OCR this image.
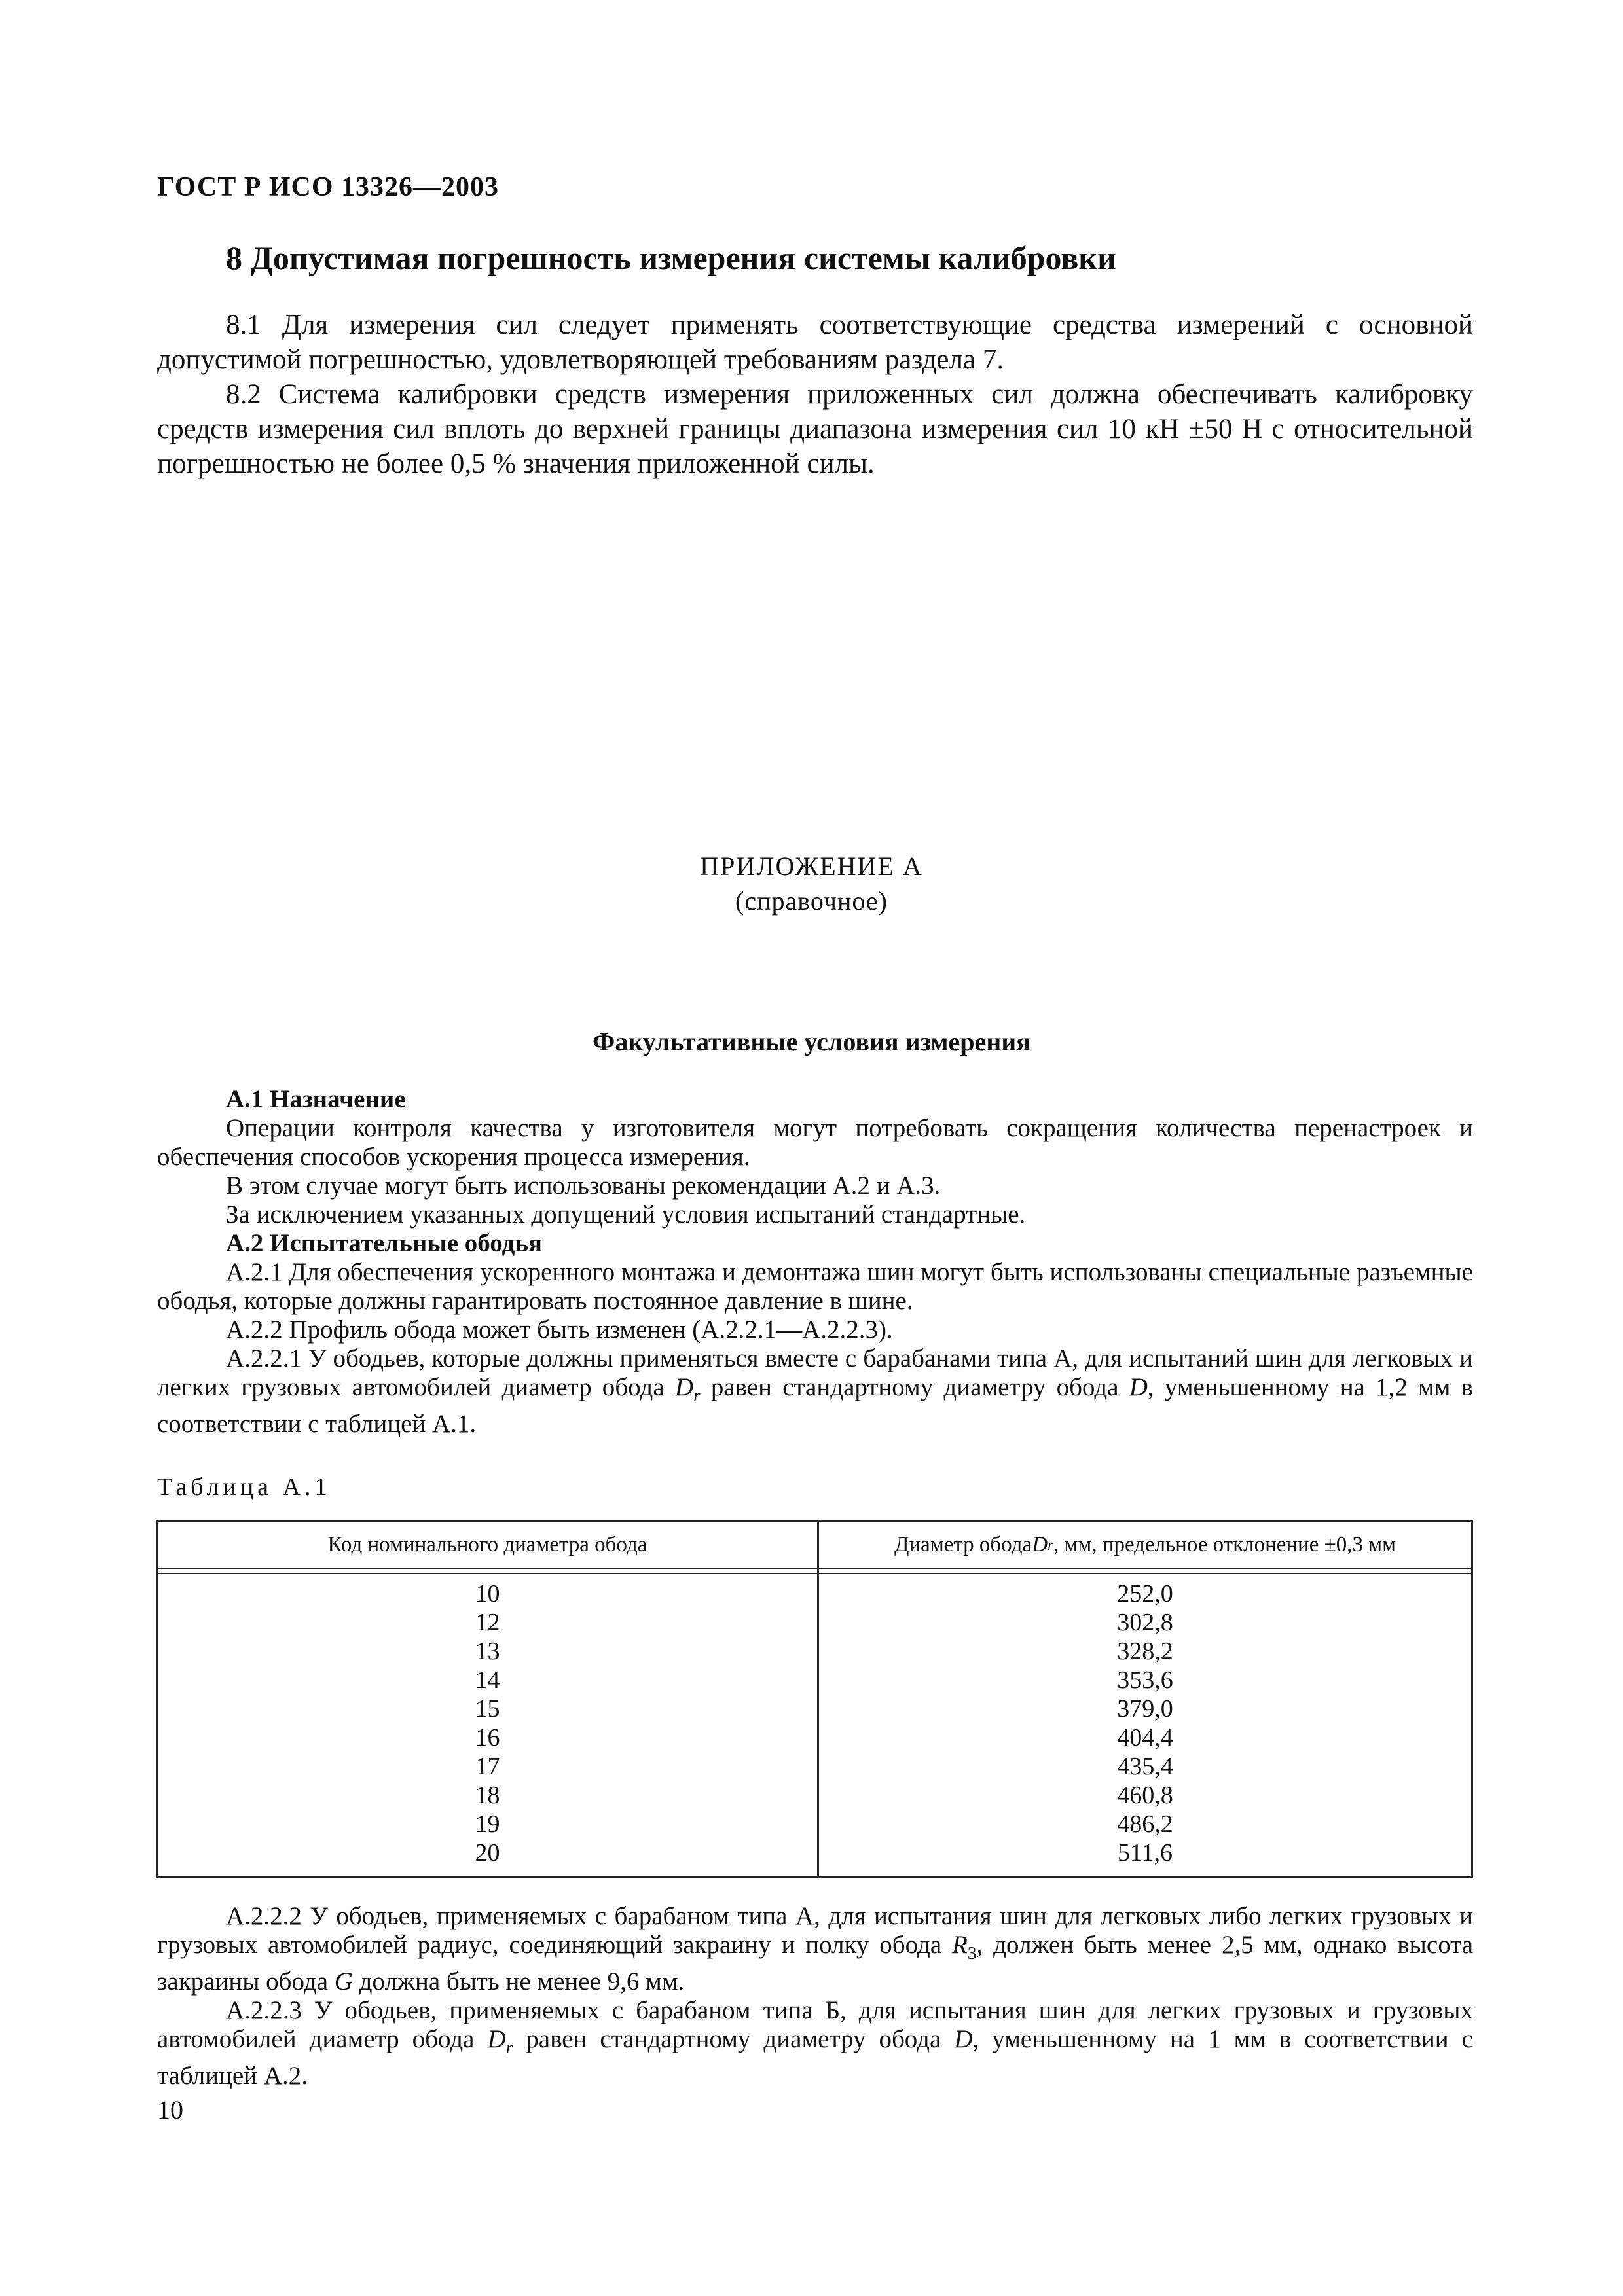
ГОСТ Р ИСО 13326—2003
8 Допустимая погрешность измерения системы калибровки

8.1 Для измерения сил следует применять соответствующие средства измерений с основной допустимой погрешностью, удовлетворяющей требованиям раздела 7.

8.2 Система калибровки средств измерения приложенных сил должна обеспечивать калибровку средств измерения сил вплоть до верхней границы диапазона измерения сил 10 кН ±50 Н с относительной погрешностью не более 0,5 % значения приложенной силы.

ПРИЛОЖЕНИЕ А
(справочное)
Факультативные условия измерения

А.1 Назначение

Операции контроля качества у изготовителя могут потребовать сокращения количества перенастроек и обеспечения способов ускорения процесса измерения.

В этом случае могут быть использованы рекомендации А.2 и А.3.

За исключением указанных допущений условия испытаний стандартные.

А.2 Испытательные ободья

А.2.1 Для обеспечения ускоренного монтажа и демонтажа шин могут быть использованы специальные разъемные ободья, которые должны гарантировать постоянное давление в шине.

А.2.2 Профиль обода может быть изменен (А.2.2.1—А.2.2.3).

А.2.2.1 У ободьев, которые должны применяться вместе с барабанами типа А, для испытаний шин для легковых и легких грузовых автомобилей диаметр обода $D_r$ равен стандартному диаметру обода D, уменьшенному на 1,2 мм в соответствии с таблицей А.1.

Таблица А.1
Код номинального диаметра обода	Диаметр обода D r , мм, предельное отклонение ±0,3 мм
10
12
13
14
15
16
17
18
19
20
252,0
302,8
328,2
353,6
379,0
404,4
435,4
460,8
486,2
511,6

А.2.2.2 У ободьев, применяемых с барабаном типа А, для испытания шин для легковых либо легких грузовых и грузовых автомобилей радиус, соединяющий закраину и полку обода $R_3$, должен быть менее 2,5 мм, однако высота закраины обода G должна быть не менее 9,6 мм.

А.2.2.3 У ободьев, применяемых с барабаном типа Б, для испытания шин для легких грузовых и грузовых автомобилей диаметр обода $D_r$ равен стандартному диаметру обода D, уменьшенному на 1 мм в соответствии с таблицей А.2.

10
